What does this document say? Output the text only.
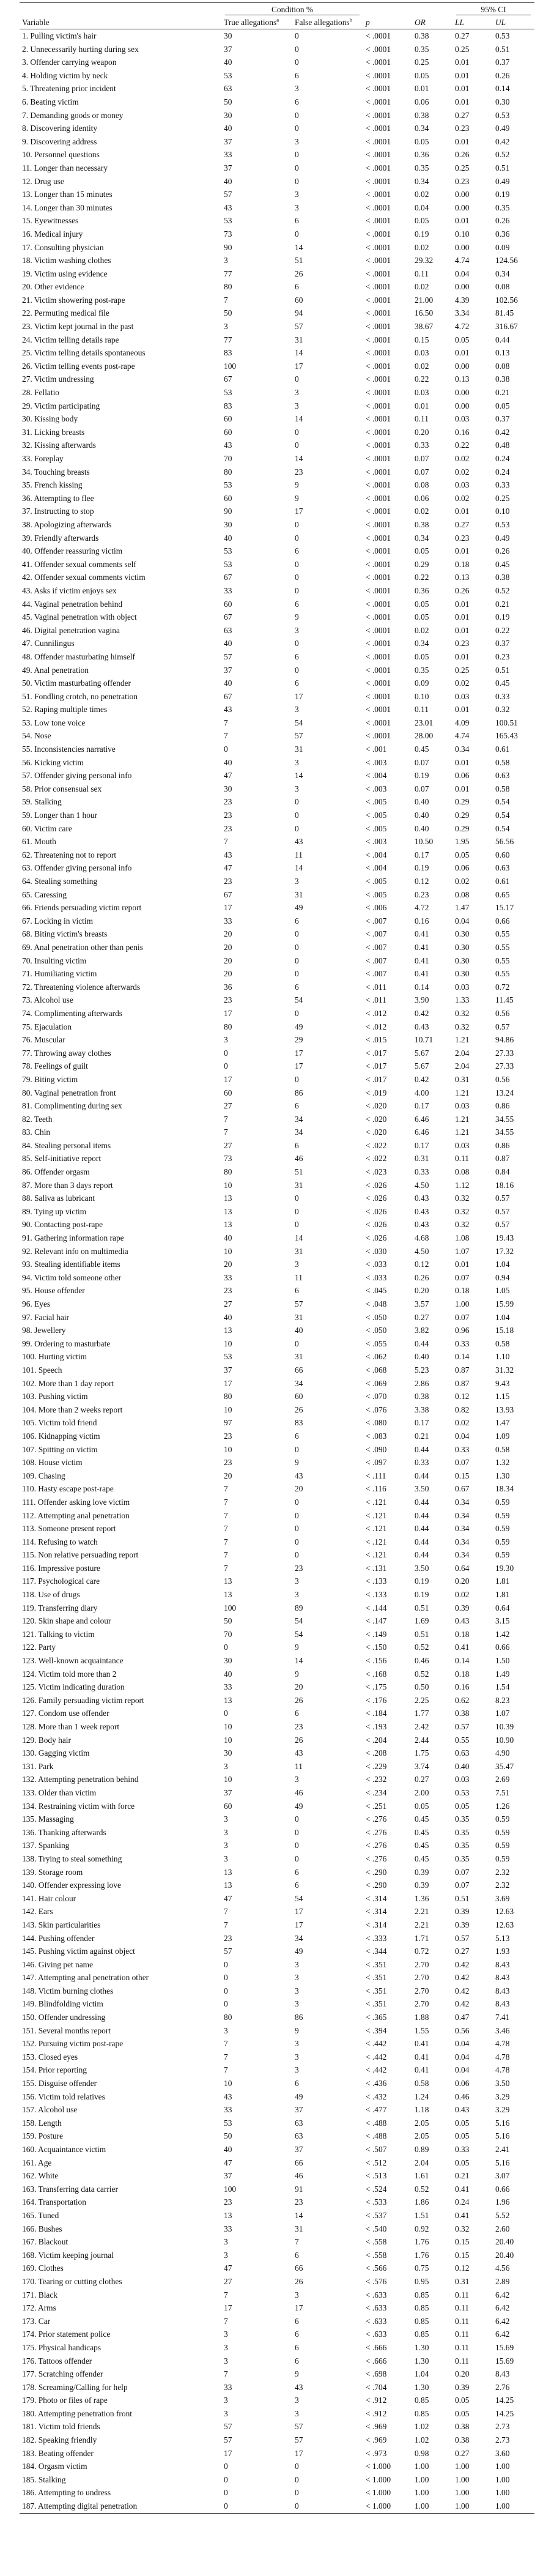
	Condition %				95% CI	
Variable	True allegations$^a$	False allegations$^b$	p	OR	LL	UL
1. Pulling victim's hair	30	0	< .0001	0.38	0.27	0.53
2. Unnecessarily hurting during sex	37	0	< .0001	0.35	0.25	0.51
3. Offender carrying weapon	40	0	< .0001	0.25	0.01	0.37
4. Holding victim by neck	53	6	< .0001	0.05	0.01	0.26
5. Threatening prior incident	63	3	< .0001	0.01	0.01	0.14
6. Beating victim	50	6	< .0001	0.06	0.01	0.30
7. Demanding goods or money	30	0	< .0001	0.38	0.27	0.53
8. Discovering identity	40	0	< .0001	0.34	0.23	0.49
9. Discovering address	37	3	< .0001	0.05	0.01	0.42
10. Personnel questions	33	0	< .0001	0.36	0.26	0.52
11. Longer than necessary	37	0	< .0001	0.35	0.25	0.51
12. Drug use	40	0	< .0001	0.34	0.23	0.49
13. Longer than 15 minutes	57	3	< .0001	0.02	0.00	0.19
14. Longer than 30 minutes	43	3	< .0001	0.04	0.00	0.35
15. Eyewitnesses	53	6	< .0001	0.05	0.01	0.26
16. Medical injury	73	0	< .0001	0.19	0.10	0.36
17. Consulting physician	90	14	< .0001	0.02	0.00	0.09
18. Victim washing clothes	3	51	< .0001	29.32	4.74	124.56
19. Victim using evidence	77	26	< .0001	0.11	0.04	0.34
20. Other evidence	80	6	< .0001	0.02	0.00	0.08
21. Victim showering post-rape	7	60	< .0001	21.00	4.39	102.56
22. Permuting medical file	50	94	< .0001	16.50	3.34	81.45
23. Victim kept journal in the past	3	57	< .0001	38.67	4.72	316.67
24. Victim telling details rape	77	31	< .0001	0.15	0.05	0.44
25. Victim telling details spontaneous	83	14	< .0001	0.03	0.01	0.13
26. Victim telling events post-rape	100	17	< .0001	0.02	0.00	0.08
27. Victim undressing	67	0	< .0001	0.22	0.13	0.38
28. Fellatio	53	3	< .0001	0.03	0.00	0.21
29. Victim participating	83	3	< .0001	0.01	0.00	0.05
30. Kissing body	60	14	< .0001	0.11	0.03	0.37
31. Licking breasts	60	0	< .0001	0.20	0.16	0.42
32. Kissing afterwards	43	0	< .0001	0.33	0.22	0.48
33. Foreplay	70	14	< .0001	0.07	0.02	0.24
34. Touching breasts	80	23	< .0001	0.07	0.02	0.24
35. French kissing	53	9	< .0001	0.08	0.03	0.33
36. Attempting to flee	60	9	< .0001	0.06	0.02	0.25
37. Instructing to stop	90	17	< .0001	0.02	0.01	0.10
38. Apologizing afterwards	30	0	< .0001	0.38	0.27	0.53
39. Friendly afterwards	40	0	< .0001	0.34	0.23	0.49
40. Offender reassuring victim	53	6	< .0001	0.05	0.01	0.26
41. Offender sexual comments self	53	0	< .0001	0.29	0.18	0.45
42. Offender sexual comments victim	67	0	< .0001	0.22	0.13	0.38
43. Asks if victim enjoys sex	33	0	< .0001	0.36	0.26	0.52
44. Vaginal penetration behind	60	6	< .0001	0.05	0.01	0.21
45. Vaginal penetration with object	67	9	< .0001	0.05	0.01	0.19
46. Digital penetration vagina	63	3	< .0001	0.02	0.01	0.22
47. Cunnilingus	40	0	< .0001	0.34	0.23	0.37
48. Offender masturbating himself	57	6	< .0001	0.05	0.01	0.23
49. Anal penetration	37	0	< .0001	0.35	0.25	0.51
50. Victim masturbating offender	40	6	< .0001	0.09	0.02	0.45
51. Fondling crotch, no penetration	67	17	< .0001	0.10	0.03	0.33
52. Raping multiple times	43	3	< .0001	0.11	0.01	0.32
53. Low tone voice	7	54	< .0001	23.01	4.09	100.51
54. Nose	7	57	< .0001	28.00	4.74	165.43
55. Inconsistencies narrative	0	31	< .001	0.45	0.34	0.61
56. Kicking victim	40	3	< .003	0.07	0.01	0.58
57. Offender giving personal info	47	14	< .004	0.19	0.06	0.63
58. Prior consensual sex	30	3	< .003	0.07	0.01	0.58
59. Stalking	23	0	< .005	0.40	0.29	0.54
59. Longer than 1 hour	23	0	< .005	0.40	0.29	0.54
60. Victim care	23	0	< .005	0.40	0.29	0.54
61. Mouth	7	43	< .003	10.50	1.95	56.56
62. Threatening not to report	43	11	< .004	0.17	0.05	0.60
63. Offender giving personal info	47	14	< .004	0.19	0.06	0.63
64. Stealing something	23	3	< .005	0.12	0.02	0.61
65. Caressing	67	31	< .005	0.23	0.08	0.65
66. Friends persuading victim report	17	49	< .006	4.72	1.47	15.17
67. Locking in victim	33	6	< .007	0.16	0.04	0.66
68. Biting victim's breasts	20	0	< .007	0.41	0.30	0.55
69. Anal penetration other than penis	20	0	< .007	0.41	0.30	0.55
70. Insulting victim	20	0	< .007	0.41	0.30	0.55
71. Humiliating victim	20	0	< .007	0.41	0.30	0.55
72. Threatening violence afterwards	36	6	< .011	0.14	0.03	0.72
73. Alcohol use	23	54	< .011	3.90	1.33	11.45
74. Complimenting afterwards	17	0	< .012	0.42	0.32	0.56
75. Ejaculation	80	49	< .012	0.43	0.32	0.57
76. Muscular	3	29	< .015	10.71	1.21	94.86
77. Throwing away clothes	0	17	< .017	5.67	2.04	27.33
78. Feelings of guilt	0	17	< .017	5.67	2.04	27.33
79. Biting victim	17	0	< .017	0.42	0.31	0.56
80. Vaginal penetration front	60	86	< .019	4.00	1.21	13.24
81. Complimenting during sex	27	6	< .020	0.17	0.03	0.86
82. Teeth	7	34	< .020	6.46	1.21	34.55
83. Chin	7	34	< .020	6.46	1.21	34.55
84. Stealing personal items	27	6	< .022	0.17	0.03	0.86
85. Self-initiative report	73	46	< .022	0.31	0.11	0.87
86. Offender orgasm	80	51	< .023	0.33	0.08	0.84
87. More than 3 days report	10	31	< .026	4.50	1.12	18.16
88. Saliva as lubricant	13	0	< .026	0.43	0.32	0.57
89. Tying up victim	13	0	< .026	0.43	0.32	0.57
90. Contacting post-rape	13	0	< .026	0.43	0.32	0.57
91. Gathering information rape	40	14	< .026	4.68	1.08	19.43
92. Relevant info on multimedia	10	31	< .030	4.50	1.07	17.32
93. Stealing identifiable items	20	3	< .033	0.12	0.01	1.04
94. Victim told someone other	33	11	< .033	0.26	0.07	0.94
95. House offender	23	6	< .045	0.20	0.18	1.05
96. Eyes	27	57	< .048	3.57	1.00	15.99
97. Facial hair	40	31	< .050	0.27	0.07	1.04
98. Jewellery	13	40	< .050	3.82	0.96	15.18
99. Ordering to masturbate	10	0	< .055	0.44	0.33	0.58
100. Hurting victim	53	31	< .062	0.40	0.14	1.10
101. Speech	37	66	< .068	5.23	0.87	31.32
102. More than 1 day report	17	34	< .069	2.86	0.87	9.43
103. Pushing victim	80	60	< .070	0.38	0.12	1.15
104. More than 2 weeks report	10	26	< .076	3.38	0.82	13.93
105. Victim told friend	97	83	< .080	0.17	0.02	1.47
106. Kidnapping victim	23	6	< .083	0.21	0.04	1.09
107. Spitting on victim	10	0	< .090	0.44	0.33	0.58
108. House victim	23	9	< .097	0.33	0.07	1.32
109. Chasing	20	43	< .111	0.44	0.15	1.30
110. Hasty escape post-rape	7	20	< .116	3.50	0.67	18.34
111. Offender asking love victim	7	0	< .121	0.44	0.34	0.59
112. Attempting anal penetration	7	0	< .121	0.44	0.34	0.59
113. Someone present report	7	0	< .121	0.44	0.34	0.59
114. Refusing to watch	7	0	< .121	0.44	0.34	0.59
115. Non relative persuading report	7	0	< .121	0.44	0.34	0.59
116. Impressive posture	7	23	< .131	3.50	0.64	19.30
117. Psychological care	13	3	< .133	0.19	0.20	1.81
118. Use of drugs	13	3	< .133	0.19	0.02	1.81
119. Transferring diary	100	89	< .144	0.51	0.39	0.64
120. Skin shape and colour	50	54	< .147	1.69	0.43	3.15
121. Talking to victim	70	54	< .149	0.51	0.18	1.42
122. Party	0	9	< .150	0.52	0.41	0.66
123. Well-known acquaintance	30	14	< .156	0.46	0.14	1.50
124. Victim told more than 2	40	9	< .168	0.52	0.18	1.49
125. Victim indicating duration	33	20	< .175	0.50	0.16	1.54
126. Family persuading victim report	13	26	< .176	2.25	0.62	8.23
127. Condom use offender	0	6	< .184	1.77	0.38	1.07
128. More than 1 week report	10	23	< .193	2.42	0.57	10.39
129. Body hair	10	26	< .204	2.44	0.55	10.90
130. Gagging victim	30	43	< .208	1.75	0.63	4.90
131. Park	3	11	< .229	3.74	0.40	35.47
132. Attempting penetration behind	10	3	< .232	0.27	0.03	2.69
133. Older than victim	37	46	< .234	2.00	0.53	7.51
134. Restraining victim with force	60	49	< .251	0.05	0.05	1.26
135. Massaging	3	0	< .276	0.45	0.35	0.59
136. Thanking afterwards	3	0	< .276	0.45	0.35	0.59
137. Spanking	3	0	< .276	0.45	0.35	0.59
138. Trying to steal something	3	0	< .276	0.45	0.35	0.59
139. Storage room	13	6	< .290	0.39	0.07	2.32
140. Offender expressing love	13	6	< .290	0.39	0.07	2.32
141. Hair colour	47	54	< .314	1.36	0.51	3.69
142. Ears	7	17	< .314	2.21	0.39	12.63
143. Skin particularities	7	17	< .314	2.21	0.39	12.63
144. Pushing offender	23	34	< .333	1.71	0.57	5.13
145. Pushing victim against object	57	49	< .344	0.72	0.27	1.93
146. Giving pet name	0	3	< .351	2.70	0.42	8.43
147. Attempting anal penetration other	0	3	< .351	2.70	0.42	8.43
148. Victim burning clothes	0	3	< .351	2.70	0.42	8.43
149. Blindfolding victim	0	3	< .351	2.70	0.42	8.43
150. Offender undressing	80	86	< .365	1.88	0.47	7.41
151. Several months report	3	9	< .394	1.55	0.56	3.46
152. Pursuing victim post-rape	7	3	< .442	0.41	0.04	4.78
153. Closed eyes	7	3	< .442	0.41	0.04	4.78
154. Prior reporting	7	3	< .442	0.41	0.04	4.78
155. Disguise offender	10	6	< .436	0.58	0.06	3.50
156. Victim told relatives	43	49	< .432	1.24	0.46	3.29
157. Alcohol use	33	37	< .477	1.18	0.43	3.29
158. Length	53	63	< .488	2.05	0.05	5.16
159. Posture	50	63	< .488	2.05	0.05	5.16
160. Acquaintance victim	40	37	< .507	0.89	0.33	2.41
161. Age	47	66	< .512	2.04	0.05	5.16
162. White	37	46	< .513	1.61	0.21	3.07
163. Transferring data carrier	100	91	< .524	0.52	0.41	0.66
164. Transportation	23	23	< .533	1.86	0.24	1.96
165. Tuned	13	14	< .537	1.51	0.41	5.52
166. Bushes	33	31	< .540	0.92	0.32	2.60
167. Blackout	3	7	< .558	1.76	0.15	20.40
168. Victim keeping journal	3	6	< .558	1.76	0.15	20.40
169. Clothes	47	66	< .566	0.75	0.12	4.56
170. Tearing or cutting clothes	27	26	< .576	0.95	0.31	2.89
171. Black	7	3	< .633	0.85	0.11	6.42
172. Arms	17	17	< .633	0.85	0.11	6.42
173. Car	7	6	< .633	0.85	0.11	6.42
174. Prior statement police	3	6	< .633	0.85	0.11	6.42
175. Physical handicaps	3	6	< .666	1.30	0.11	15.69
176. Tattoos offender	3	6	< .666	1.30	0.11	15.69
177. Scratching offender	7	9	< .698	1.04	0.20	8.43
178. Screaming/Calling for help	33	43	< .704	1.30	0.39	2.76
179. Photo or files of rape	3	3	< .912	0.85	0.05	14.25
180. Attempting penetration front	3	3	< .912	0.85	0.05	14.25
181. Victim told friends	57	57	< .969	1.02	0.38	2.73
182. Speaking friendly	57	57	< .969	1.02	0.38	2.73
183. Beating offender	17	17	< .973	0.98	0.27	3.60
184. Orgasm victim	0	0	< 1.000	1.00	1.00	1.00
185. Stalking	0	0	< 1.000	1.00	1.00	1.00
186. Attempting to undress	0	0	< 1.000	1.00	1.00	1.00
187. Attempting digital penetration	0	0	< 1.000	1.00	1.00	1.00
